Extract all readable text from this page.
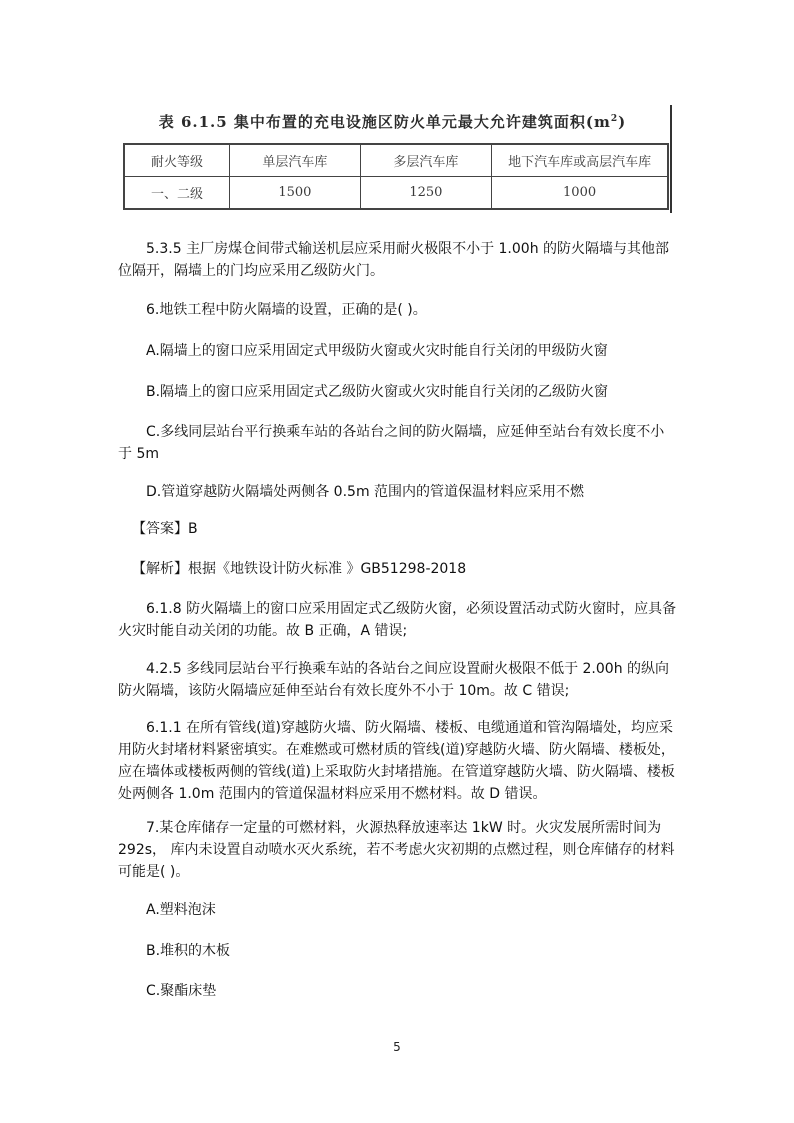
表 6.1.5 集中布置的充电设施区防火单元最大允许建筑面积$(m^2)$
耐火等级	单层汽车库	多层汽车库	地下汽车库或高层汽车库
一、二级	1500	1250	1000

5.3.5 主厂房煤仓间带式输送机层应采用耐火极限不小于 1.00h 的防火隔墙与其他部位隔开，隔墙上的门均应采用乙级防火门。

6.地铁工程中防火隔墙的设置，正确的是( )。

A.隔墙上的窗口应采用固定式甲级防火窗或火灾时能自行关闭的甲级防火窗

B.隔墙上的窗口应采用固定式乙级防火窗或火灾时能自行关闭的乙级防火窗

C.多线同层站台平行换乘车站的各站台之间的防火隔墙，应延伸至站台有效长度不小于 5m

D.管道穿越防火隔墙处两侧各 0.5m 范围内的管道保温材料应采用不燃

【答案】B

【解析】根据《地铁设计防火标准 》GB51298-2018

6.1.8 防火隔墙上的窗口应采用固定式乙级防火窗，必须设置活动式防火窗时，应具备火灾时能自动关闭的功能。故 B 正确，A 错误;

4.2.5 多线同层站台平行换乘车站的各站台之间应设置耐火极限不低于 2.00h 的纵向防火隔墙，该防火隔墙应延伸至站台有效长度外不小于 10m。故 C 错误;

6.1.1 在所有管线(道)穿越防火墙、防火隔墙、楼板、电缆通道和管沟隔墙处，均应采用防火封堵材料紧密填实。在难燃或可燃材质的管线(道)穿越防火墙、防火隔墙、楼板处，应在墙体或楼板两侧的管线(道)上采取防火封堵措施。在管道穿越防火墙、防火隔墙、楼板处两侧各 1.0m 范围内的管道保温材料应采用不燃材料。故 D 错误。

7.某仓库储存一定量的可燃材料，火源热释放速率达 1kW 时。火灾发展所需时间为 292s， 库内未设置自动喷水灭火系统，若不考虑火灾初期的点燃过程，则仓库储存的材料可能是( )。

A.塑料泡沫

B.堆积的木板

C.聚酯床垫

5
